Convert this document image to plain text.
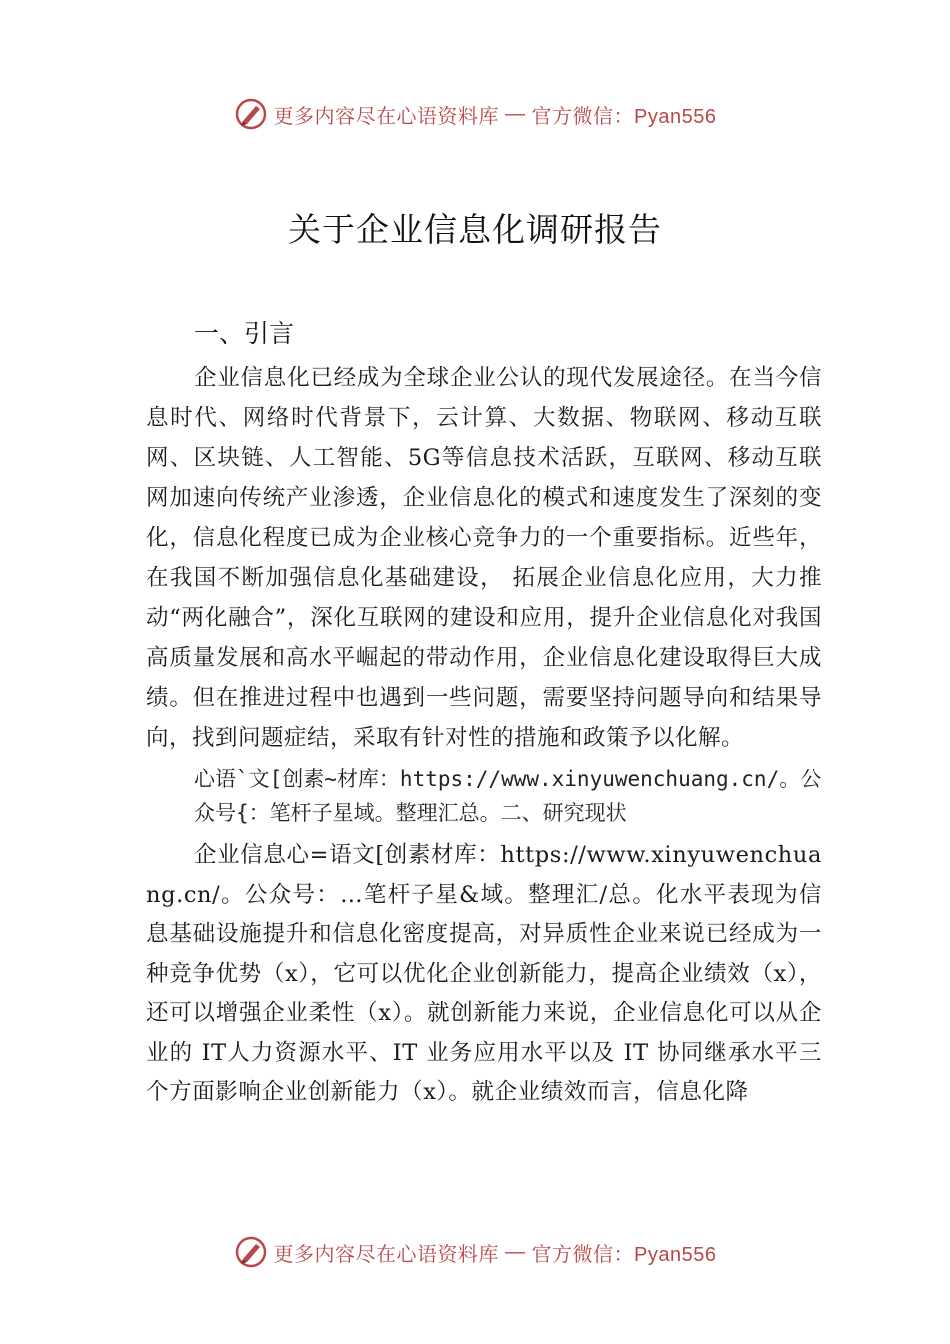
更多内容尽在心语资料库 — 官方微信：Pyan556
关于企业信息化调研报告
一、引言

企业信息化已经成为全球企业公认的现代发展途径。在当今信息时代、网络时代背景下，云计算、大数据、物联网、移动互联网、区块链、人工智能、5G等信息技术活跃，互联网、移动互联网加速向传统产业渗透，企业信息化的模式和速度发生了深刻的变化，信息化程度已成为企业核心竞争力的一个重要指标。近些年，在我国不断加强信息化基础建设， 拓展企业信息化应用，大力推动“两化融合”，深化互联网的建设和应用，提升企业信息化对我国高质量发展和高水平崛起的带动作用，企业信息化建设取得巨大成绩。但在推进过程中也遇到一些问题，需要坚持问题导向和结果导向，找到问题症结，采取有针对性的措施和政策予以化解。

心语`文[创素~材库：https://www.xinyuwenchuang.cn/。公众号{：笔杆子星域。整理汇总。二、研究现状

企业信息心=语文[创素材库：https://www.xinyuwenchuang.cn/。公众号：…笔杆子星&域。整理汇/总。化水平表现为信息基础设施提升和信息化密度提高，对异质性企业来说已经成为一种竞争优势（x），它可以优化企业创新能力，提高企业绩效（x），还可以增强企业柔性（x）。就创新能力来说，企业信息化可以从企业的 IT人力资源水平、IT 业务应用水平以及 IT 协同继承水平三个方面影响企业创新能力（x）。就企业绩效而言，信息化降

更多内容尽在心语资料库 — 官方微信：Pyan556
